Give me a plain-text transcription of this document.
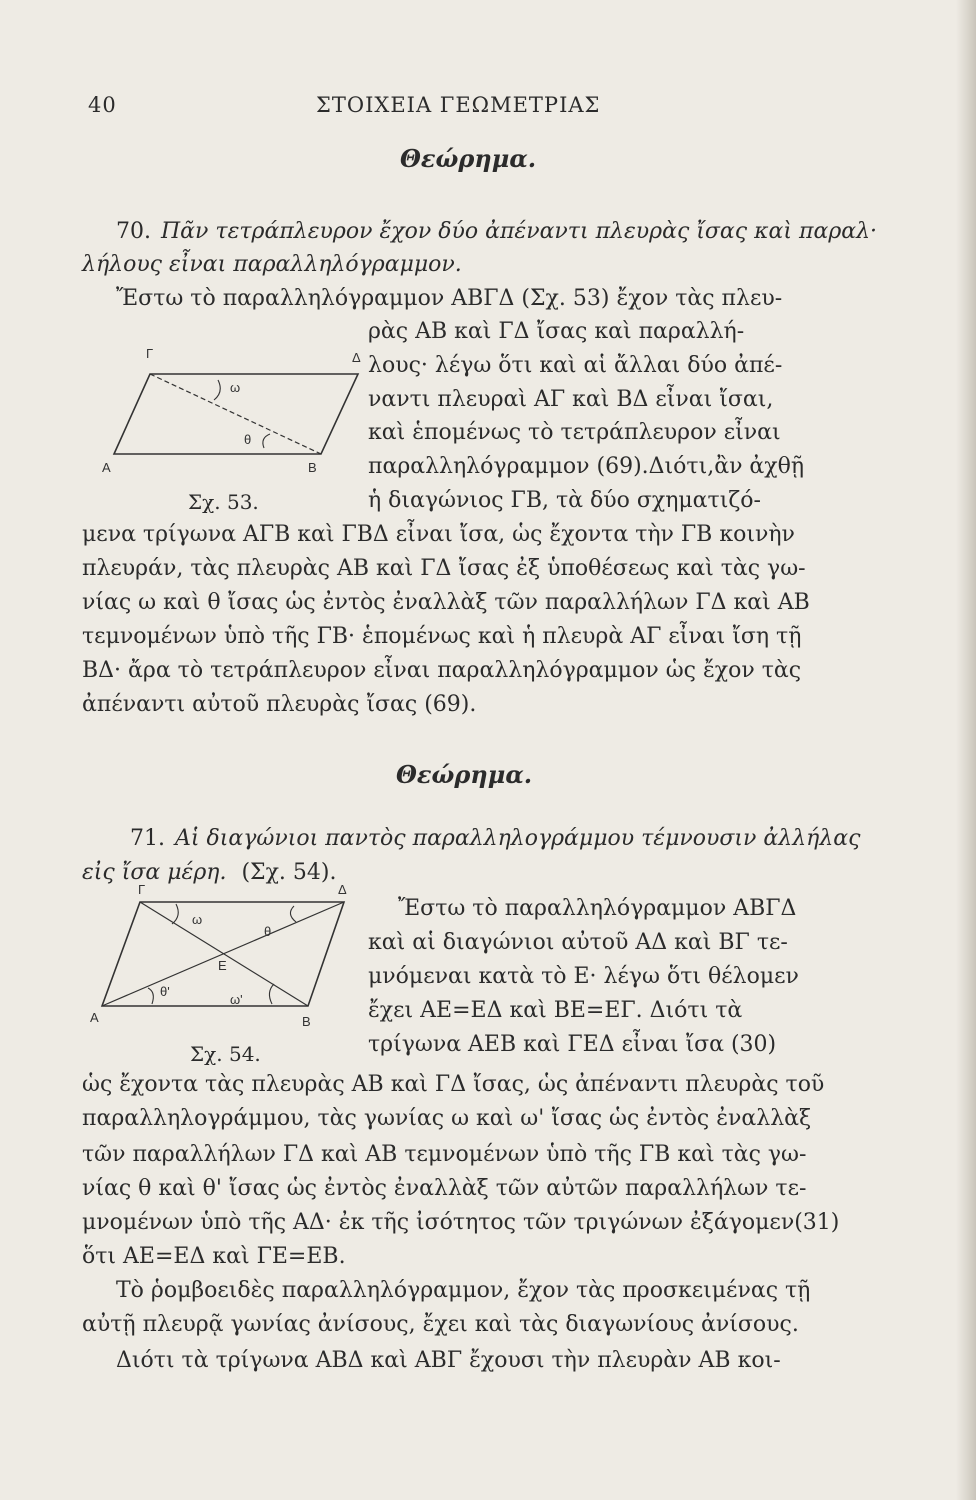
40	ΣΤΟΙΧΕΙΑ ΓΕΩΜΕΤΡΙΑΣ
Θεώρημα.
70. Πᾶν τετράπλευρον ἔχον δύο ἀπέναντι πλευρὰς ἴσας καὶ παραλ·
λήλους εἶναι παραλληλόγραμμον.
Ἔστω τὸ παραλληλόγραμμον ΑΒΓΔ (Σχ. 53) ἔχον τὰς πλευ-
ρὰς ΑΒ καὶ ΓΔ ἴσας καὶ παραλλή-
λους· λέγω ὅτι καὶ αἱ ἄλλαι δύο ἀπέ-
ναντι πλευραὶ ΑΓ καὶ ΒΔ εἶναι ἴσαι,
καὶ ἑπομένως τὸ τετράπλευρον εἶναι
παραλληλόγραμμον (69).Διότι,ἂν ἀχθῇ
ἡ διαγώνιος ΓΒ, τὰ δύο σχηματιζό-
μενα τρίγωνα ΑΓΒ καὶ ΓΒΔ εἶναι ἴσα, ὡς ἔχοντα τὴν ΓΒ κοινὴν
πλευράν, τὰς πλευρὰς ΑΒ καὶ ΓΔ ἴσας ἐξ ὑποθέσεως καὶ τὰς γω-
νίας ω καὶ θ ἴσας ὡς ἐντὸς ἐναλλὰξ τῶν παραλλήλων ΓΔ καὶ ΑΒ
τεμνομένων ὑπὸ τῆς ΓΒ· ἑπομένως καὶ ἡ πλευρὰ ΑΓ εἶναι ἴση τῇ
ΒΔ· ἄρα τὸ τετράπλευρον εἶναι παραλληλόγραμμον ὡς ἔχον τὰς
ἀπέναντι αὐτοῦ πλευρὰς ἴσας (69).
Γ	Δ
Α	Β
ω
θ
Σχ. 53.
Θεώρημα.
71. Αἱ διαγώνιοι παντὸς παραλληλογράμμου τέμνουσιν ἀλλήλας
εἰς ἴσα μέρη. (Σχ. 54).
Ἔστω τὸ παραλληλόγραμμον ΑΒΓΔ
καὶ αἱ διαγώνιοι αὐτοῦ ΑΔ καὶ ΒΓ τε-
μνόμεναι κατὰ τὸ Ε· λέγω ὅτι θέλομεν
ἔχει ΑΕ=ΕΔ καὶ ΒΕ=ΕΓ. Διότι τὰ
τρίγωνα ΑΕΒ καὶ ΓΕΔ εἶναι ἴσα (30)
ὡς ἔχοντα τὰς πλευρὰς ΑΒ καὶ ΓΔ ἴσας, ὡς ἀπέναντι πλευρὰς τοῦ
παραλληλογράμμου, τὰς γωνίας ω καὶ ω' ἴσας ὡς ἐντὸς ἐναλλὰξ
τῶν παραλλήλων ΓΔ καὶ ΑΒ τεμνομένων ὑπὸ τῆς ΓΒ καὶ τὰς γω-
νίας θ καὶ θ' ἴσας ὡς ἐντὸς ἐναλλὰξ τῶν αὐτῶν παραλλήλων τε-
μνομένων ὑπὸ τῆς ΑΔ· ἐκ τῆς ἰσότητος τῶν τριγώνων ἐξάγομεν(31)
ὅτι ΑΕ=ΕΔ καὶ ΓΕ=ΕΒ.
Τὸ ῥομβοειδὲς παραλληλόγραμμον, ἔχον τὰς προσκειμένας τῇ
αὐτῇ πλευρᾷ γωνίας ἀνίσους, ἔχει καὶ τὰς διαγωνίους ἀνίσους.
Διότι τὰ τρίγωνα ΑΒΔ καὶ ΑΒΓ ἔχουσι τὴν πλευρὰν ΑΒ κοι-
Γ	Δ
Α	Β
Ε
ω
θ
θ'
ω'
Σχ. 54.
